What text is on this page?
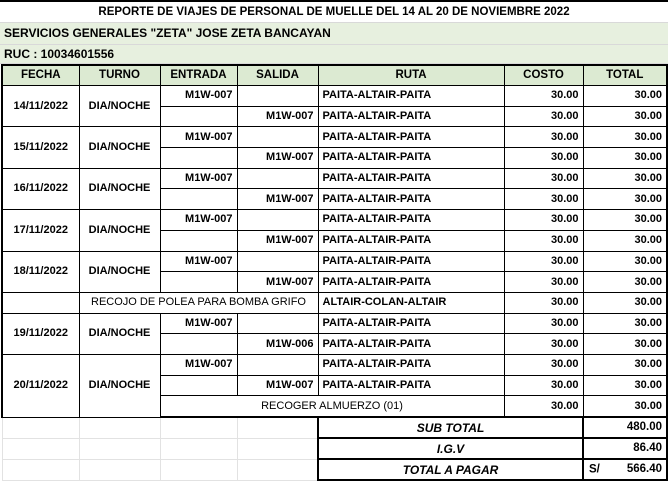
REPORTE DE VIAJES DE PERSONAL DE MUELLE DEL 14 AL 20 DE NOVIEMBRE 2022
SERVICIOS GENERALES "ZETA" JOSE ZETA BANCAYAN
RUC : 10034601556
FECHA	TURNO	ENTRADA	SALIDA	RUTA	COSTO	TOTAL
14/11/2022	DIA/NOCHE	M1W-007		PAITA-ALTAIR-PAITA	30.00	30.00
			M1W-007	PAITA-ALTAIR-PAITA	30.00	30.00
15/11/2022	DIA/NOCHE	M1W-007		PAITA-ALTAIR-PAITA	30.00	30.00
			M1W-007	PAITA-ALTAIR-PAITA	30.00	30.00
16/11/2022	DIA/NOCHE	M1W-007		PAITA-ALTAIR-PAITA	30.00	30.00
			M1W-007	PAITA-ALTAIR-PAITA	30.00	30.00
17/11/2022	DIA/NOCHE	M1W-007		PAITA-ALTAIR-PAITA	30.00	30.00
			M1W-007	PAITA-ALTAIR-PAITA	30.00	30.00
18/11/2022	DIA/NOCHE	M1W-007		PAITA-ALTAIR-PAITA	30.00	30.00
			M1W-007	PAITA-ALTAIR-PAITA	30.00	30.00
	RECOJO DE POLEA PARA BOMBA GRIFO			ALTAIR-COLAN-ALTAIR	30.00	30.00
19/11/2022	DIA/NOCHE	M1W-007		PAITA-ALTAIR-PAITA	30.00	30.00
			M1W-006	PAITA-ALTAIR-PAITA	30.00	30.00
20/11/2022	DIA/NOCHE	M1W-007		PAITA-ALTAIR-PAITA	30.00	30.00
			M1W-007	PAITA-ALTAIR-PAITA	30.00	30.00
		RECOGER ALMUERZO (01)			30.00	30.00
				SUB TOTAL		480.00
				I.G.V		86.40
				TOTAL A PAGAR		S/ 566.40
